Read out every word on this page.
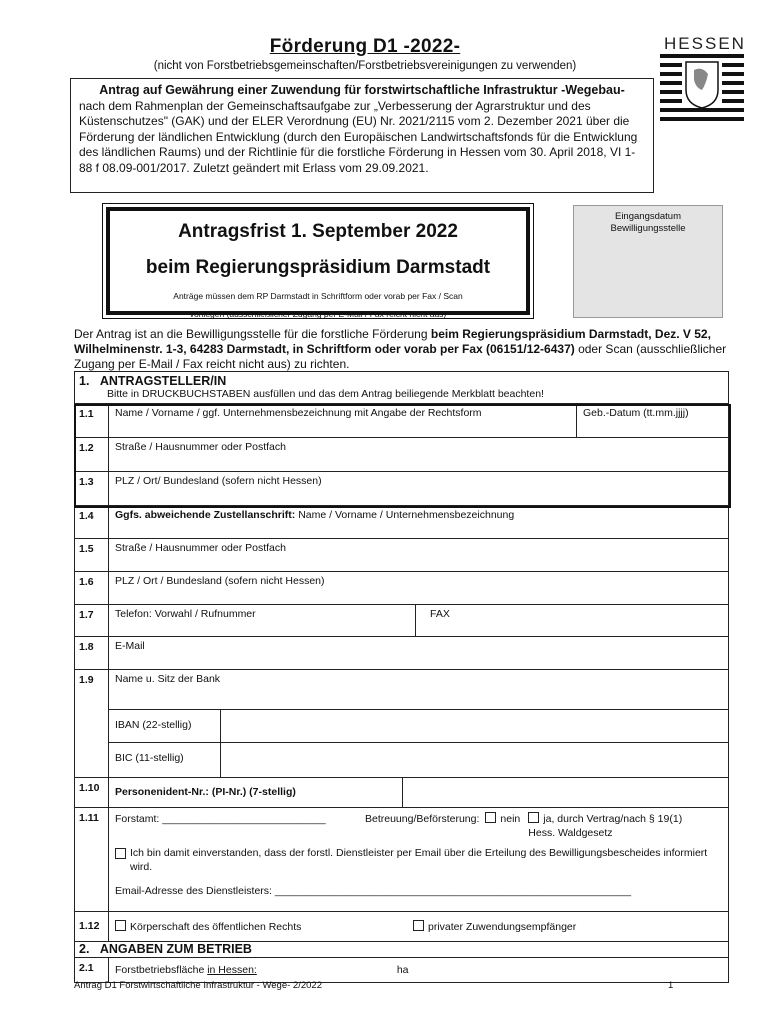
Förderung D1 -2022-
(nicht von Forstbetriebsgemeinschaften/Forstbetriebsvereinigungen zu verwenden)
HESSEN
Antrag auf Gewährung einer Zuwendung für forstwirtschaftliche Infrastruktur -Wegebau-
nach dem Rahmenplan der Gemeinschaftsaufgabe zur „Verbesserung der Agrarstruktur und des Küstenschutzes" (GAK) und der ELER Verordnung (EU) Nr. 2021/2115 vom 2. Dezember 2021 über die Förderung der ländlichen Entwicklung (durch den Europäischen Landwirtschaftsfonds für die Entwicklung des ländlichen Raums) und der Richtlinie für die forstliche Förderung in Hessen vom 30. April 2018, VI 1-88 f 08.09-001/2017. Zuletzt geändert mit Erlass vom 29.09.2021.
Antragsfrist 1. September 2022
beim Regierungspräsidium Darmstadt
Anträge müssen dem RP Darmstadt in Schriftform oder vorab per Fax / Scan
vorliegen (ausschließlicher Zugang per E-Mail / Fax reicht nicht aus)
Eingangsdatum
Bewilligungsstelle
Der Antrag ist an die Bewilligungsstelle für die forstliche Förderung beim Regierungspräsidium Darmstadt, Dez. V 52, Wilhelminenstr. 1-3, 64283 Darmstadt, in Schriftform oder vorab per Fax (06151/12-6437) oder Scan (ausschließlicher Zugang per E-Mail / Fax reicht nicht aus) zu richten.
1. ANTRAGSTELLER/IN
Bitte in DRUCKBUCHSTABEN ausfüllen und das dem Antrag beiliegende Merkblatt beachten!
1.1	Name / Vorname / ggf. Unternehmensbezeichnung mit Angabe der Rechtsform	Geb.-Datum (tt.mm.jjjj)
1.2	Straße / Hausnummer oder Postfach
1.3	PLZ / Ort/ Bundesland (sofern nicht Hessen)
1.4	Ggfs. abweichende Zustellanschrift: Name / Vorname / Unternehmensbezeichnung
1.5	Straße / Hausnummer oder Postfach
1.6	PLZ / Ort / Bundesland (sofern nicht Hessen)
1.7	Telefon: Vorwahl / Rufnummer	FAX
1.8	E-Mail
1.9	Name u. Sitz der Bank
IBAN (22-stellig)
BIC (11-stellig)
1.10	Personenident-Nr.: (PI-Nr.) (7-stellig)
1.11	Forstamt: ____________________________	Betreuung/Beförsterung:	nein	ja, durch Vertrag/nach § 19(1) Hess. Waldgesetz
Ich bin damit einverstanden, dass der forstl. Dienstleister per Email über die Erteilung des Bewilligungsbescheides informiert wird.
Email-Adresse des Dienstleisters: _____________________________________________________________
1.12	Körperschaft des öffentlichen Rechts	privater Zuwendungsempfänger
2. ANGABEN ZUM BETRIEB
2.1	Forstbetriebsfläche in Hessen:	ha
Antrag D1 Forstwirtschaftliche Infrastruktur - Wege- 2/2022	1
